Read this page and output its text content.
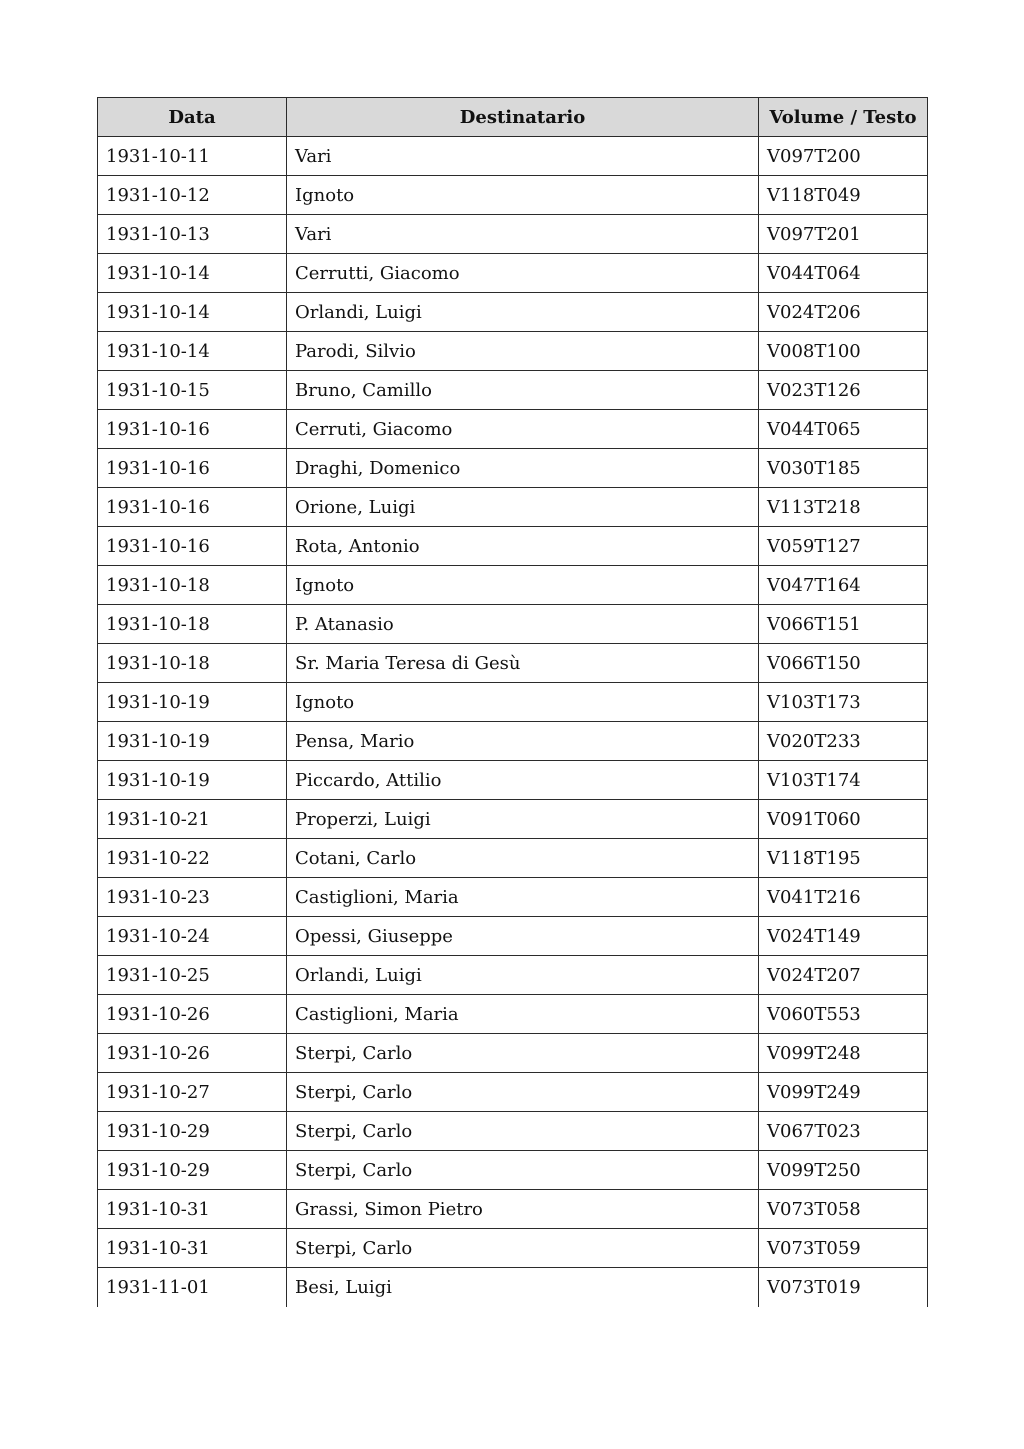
Data	Destinatario	Volume / Testo
1931-10-11	Vari	V097T200
1931-10-12	Ignoto	V118T049
1931-10-13	Vari	V097T201
1931-10-14	Cerrutti, Giacomo	V044T064
1931-10-14	Orlandi, Luigi	V024T206
1931-10-14	Parodi, Silvio	V008T100
1931-10-15	Bruno, Camillo	V023T126
1931-10-16	Cerruti, Giacomo	V044T065
1931-10-16	Draghi, Domenico	V030T185
1931-10-16	Orione, Luigi	V113T218
1931-10-16	Rota, Antonio	V059T127
1931-10-18	Ignoto	V047T164
1931-10-18	P. Atanasio	V066T151
1931-10-18	Sr. Maria Teresa di Gesù	V066T150
1931-10-19	Ignoto	V103T173
1931-10-19	Pensa, Mario	V020T233
1931-10-19	Piccardo, Attilio	V103T174
1931-10-21	Properzi, Luigi	V091T060
1931-10-22	Cotani, Carlo	V118T195
1931-10-23	Castiglioni, Maria	V041T216
1931-10-24	Opessi, Giuseppe	V024T149
1931-10-25	Orlandi, Luigi	V024T207
1931-10-26	Castiglioni, Maria	V060T553
1931-10-26	Sterpi, Carlo	V099T248
1931-10-27	Sterpi, Carlo	V099T249
1931-10-29	Sterpi, Carlo	V067T023
1931-10-29	Sterpi, Carlo	V099T250
1931-10-31	Grassi, Simon Pietro	V073T058
1931-10-31	Sterpi, Carlo	V073T059
1931-11-01	Besi, Luigi	V073T019
